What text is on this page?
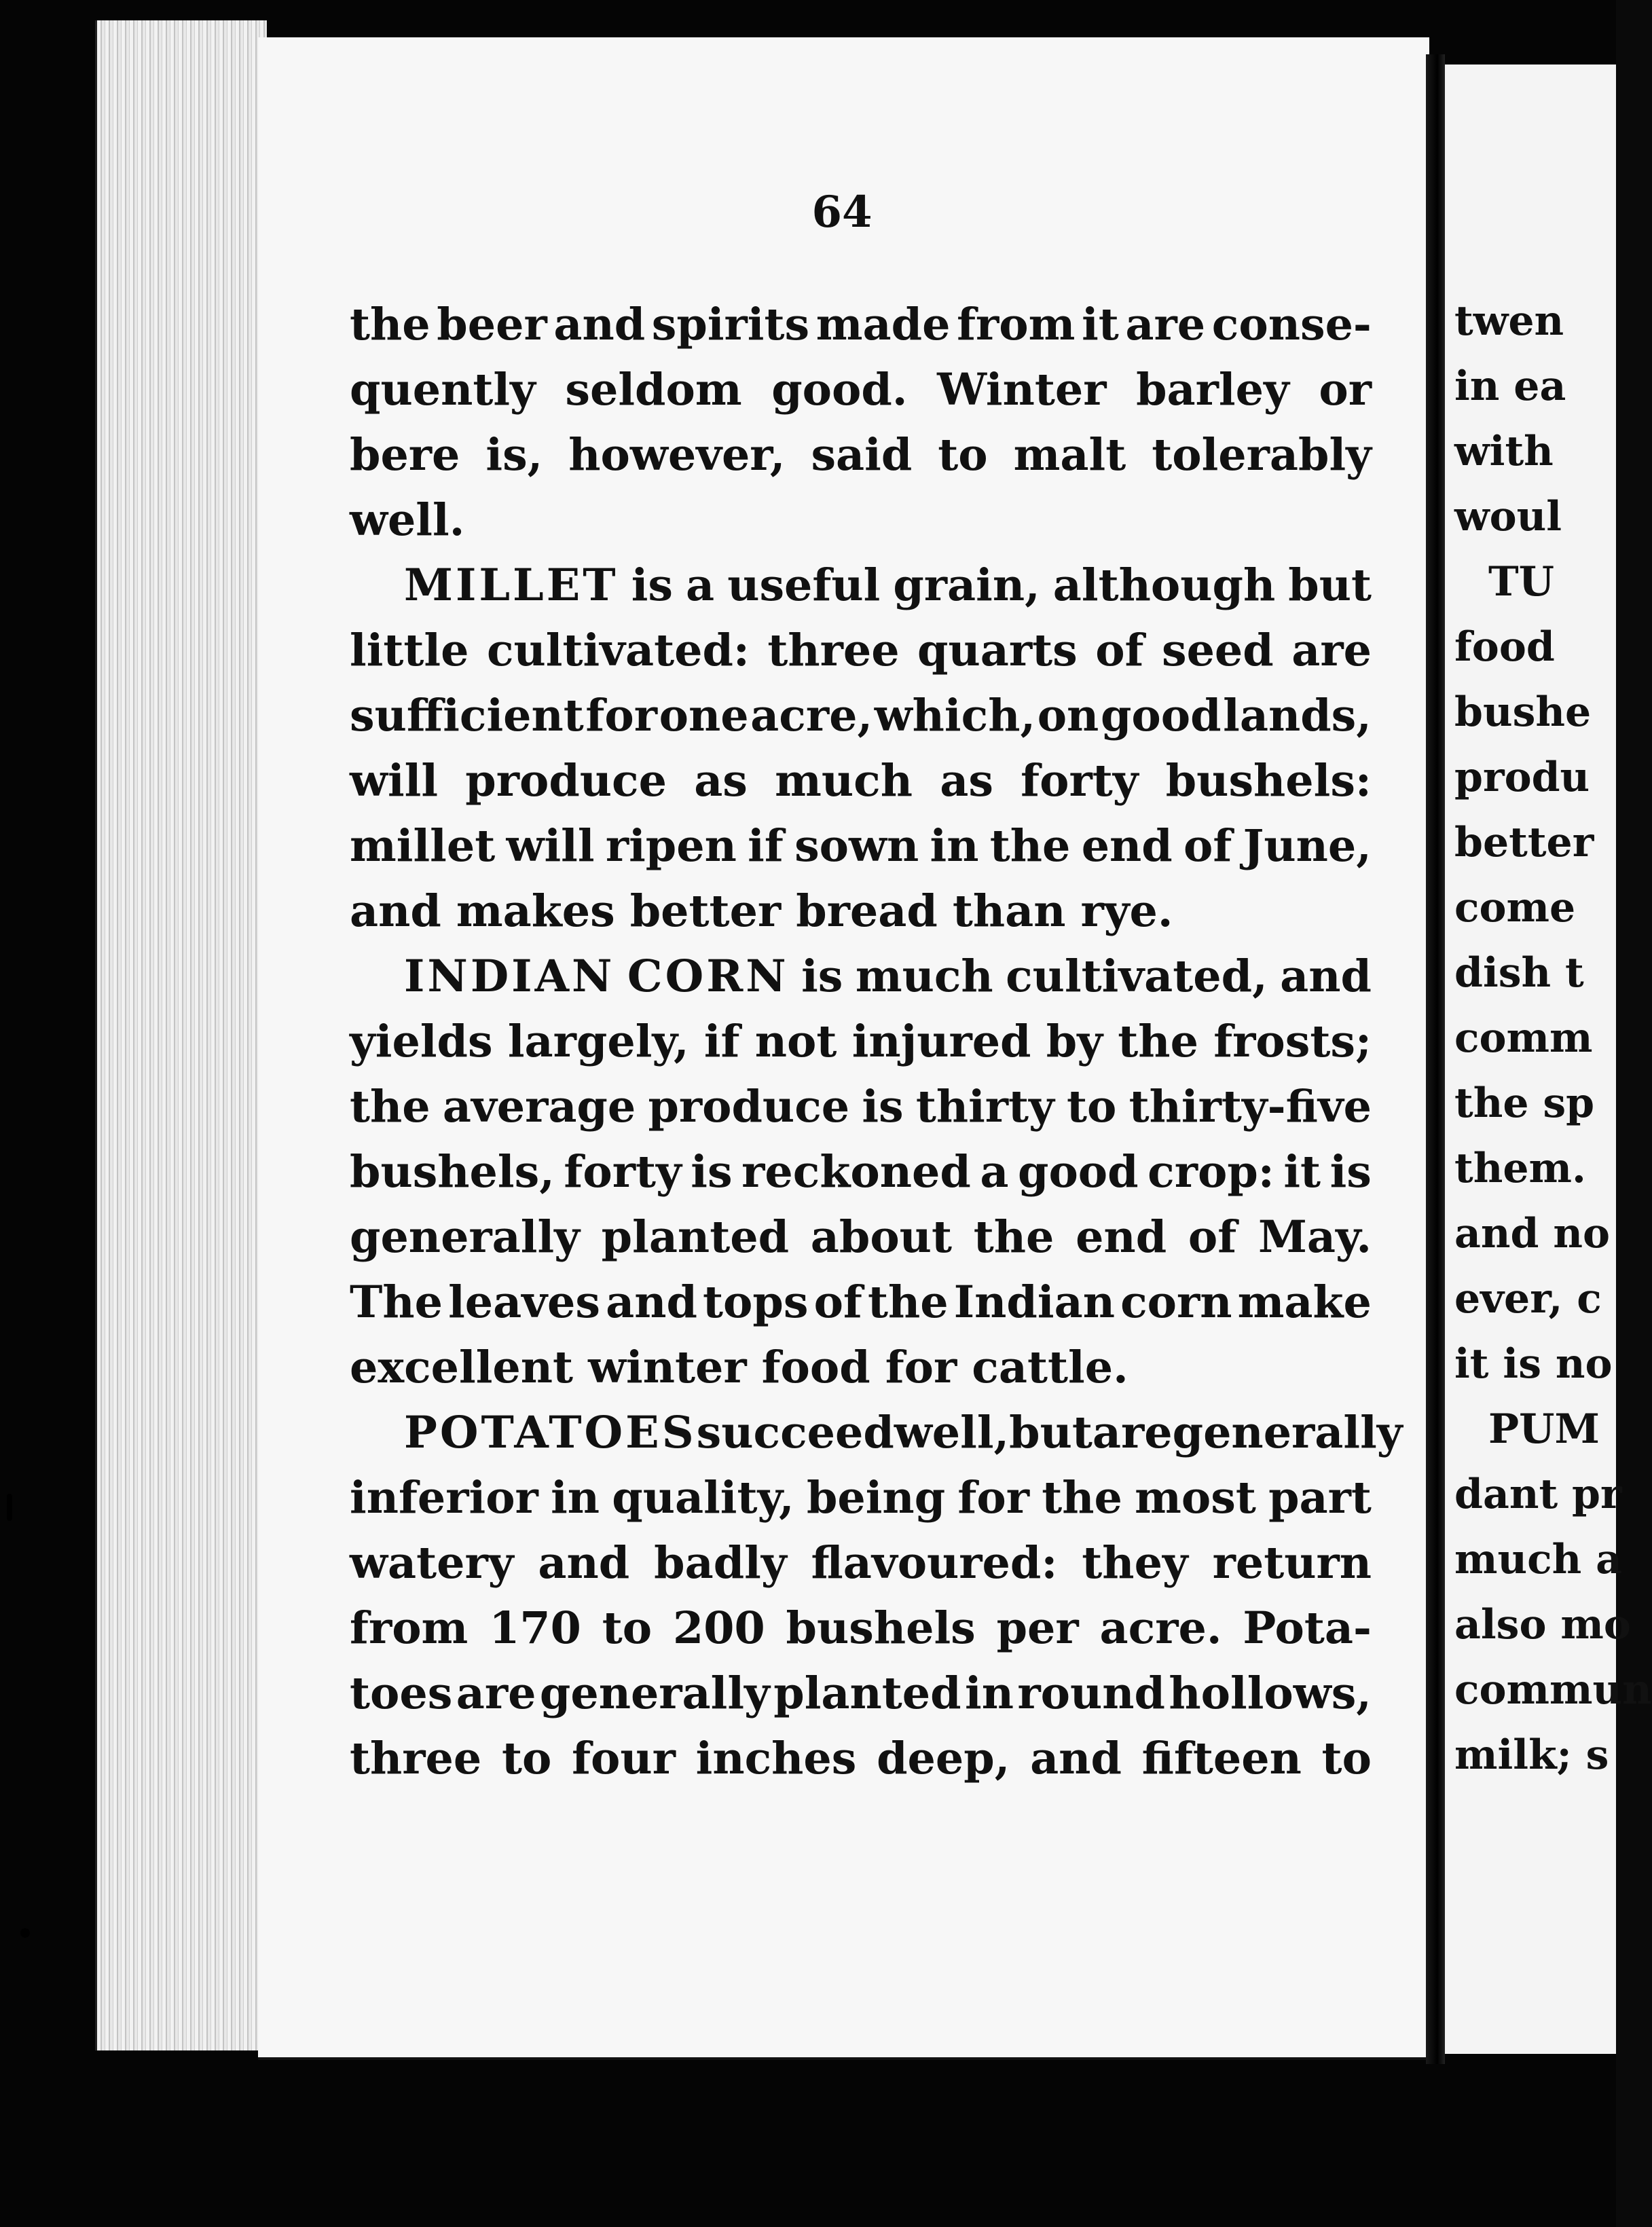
64
the beer and spirits made from it are conse-
quently seldom good. Winter barley or
bere is, however, said to malt tolerably
well.
MILLET is a useful grain, although but
little cultivated: three quarts of seed are
sufficient for one acre, which, on good lands,
will produce as much as forty bushels:
millet will ripen if sown in the end of June,
and makes better bread than rye.
INDIAN CORN is much cultivated, and
yields largely, if not injured by the frosts;
the average produce is thirty to thirty-five
bushels, forty is reckoned a good crop: it is
generally planted about the end of May.
The leaves and tops of the Indian corn make
excellent winter food for cattle.
POTATOES succeed well, but are generally
inferior in quality, being for the most part
watery and badly flavoured: they return
from 170 to 200 bushels per acre. Pota-
toes are generally planted in round hollows,
three to four inches deep, and fifteen to
twen
in ea
with
woul
TU
food
bushe
produ
better
come
dish t
comm
the sp
them.
and no
ever, c
it is no
PUM
dant pr
much a
also mo
commun
milk; s
